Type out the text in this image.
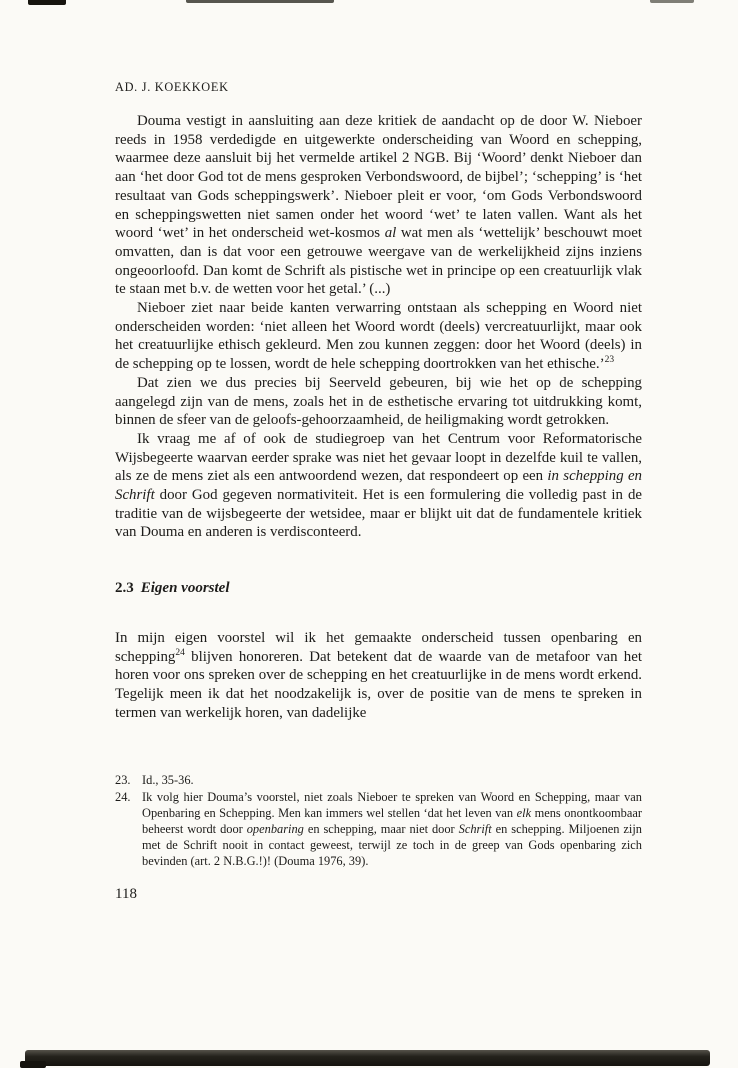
AD. J. KOEKKOEK

Douma vestigt in aansluiting aan deze kritiek de aandacht op de door W. Nieboer reeds in 1958 verdedigde en uitgewerkte onderscheiding van Woord en schepping, waarmee deze aansluit bij het vermelde artikel 2 NGB. Bij ‘Woord’ denkt Nieboer dan aan ‘het door God tot de mens gesproken Verbondswoord, de bijbel’; ‘schepping’ is ‘het resultaat van Gods scheppingswerk’. Nieboer pleit er voor, ‘om Gods Verbondswoord en scheppingswetten niet samen onder het woord ‘wet’ te laten vallen. Want als het woord ‘wet’ in het onderscheid wet-kosmos al wat men als ‘wettelijk’ beschouwt moet omvatten, dan is dat voor een getrouwe weergave van de werkelijkheid zijns inziens ongeoorloofd. Dan komt de Schrift als pistische wet in principe op een creatuurlijk vlak te staan met b.v. de wetten voor het getal.’ (...)

Nieboer ziet naar beide kanten verwarring ontstaan als schepping en Woord niet onderscheiden worden: ‘niet alleen het Woord wordt (deels) vercreatuurlijkt, maar ook het creatuurlijke ethisch gekleurd. Men zou kunnen zeggen: door het Woord (deels) in de schepping op te lossen, wordt de hele schepping doortrokken van het ethische.’$^{23}$

Dat zien we dus precies bij Seerveld gebeuren, bij wie het op de schepping aangelegd zijn van de mens, zoals het in de esthetische ervaring tot uitdrukking komt, binnen de sfeer van de geloofs-gehoorzaamheid, de heiligmaking wordt getrokken.

Ik vraag me af of ook de studiegroep van het Centrum voor Reformatorische Wijsbegeerte waarvan eerder sprake was niet het gevaar loopt in dezelfde kuil te vallen, als ze de mens ziet als een antwoordend wezen, dat respondeert op een in schepping en Schrift door God gegeven normativiteit. Het is een formulering die volledig past in de traditie van de wijsbegeerte der wetsidee, maar er blijkt uit dat de fundamentele kritiek van Douma en anderen is verdisconteerd.

2.3 Eigen voorstel

In mijn eigen voorstel wil ik het gemaakte onderscheid tussen openbaring en schepping$^{24}$ blijven honoreren. Dat betekent dat de waarde van de metafoor van het horen voor ons spreken over de schepping en het creatuurlijke in de mens wordt erkend. Tegelijk meen ik dat het noodzakelijk is, over de positie van de mens te spreken in termen van werkelijk horen, van dadelijke

23. Id., 35-36.
24. Ik volg hier Douma’s voorstel, niet zoals Nieboer te spreken van Woord en Schepping, maar van Openbaring en Schepping. Men kan immers wel stellen ‘dat het leven van elk mens onontkoombaar beheerst wordt door openbaring en schepping, maar niet door Schrift en schepping. Miljoenen zijn met de Schrift nooit in contact geweest, terwijl ze toch in de greep van Gods openbaring zich bevinden (art. 2 N.B.G.!)! (Douma 1976, 39).
118
